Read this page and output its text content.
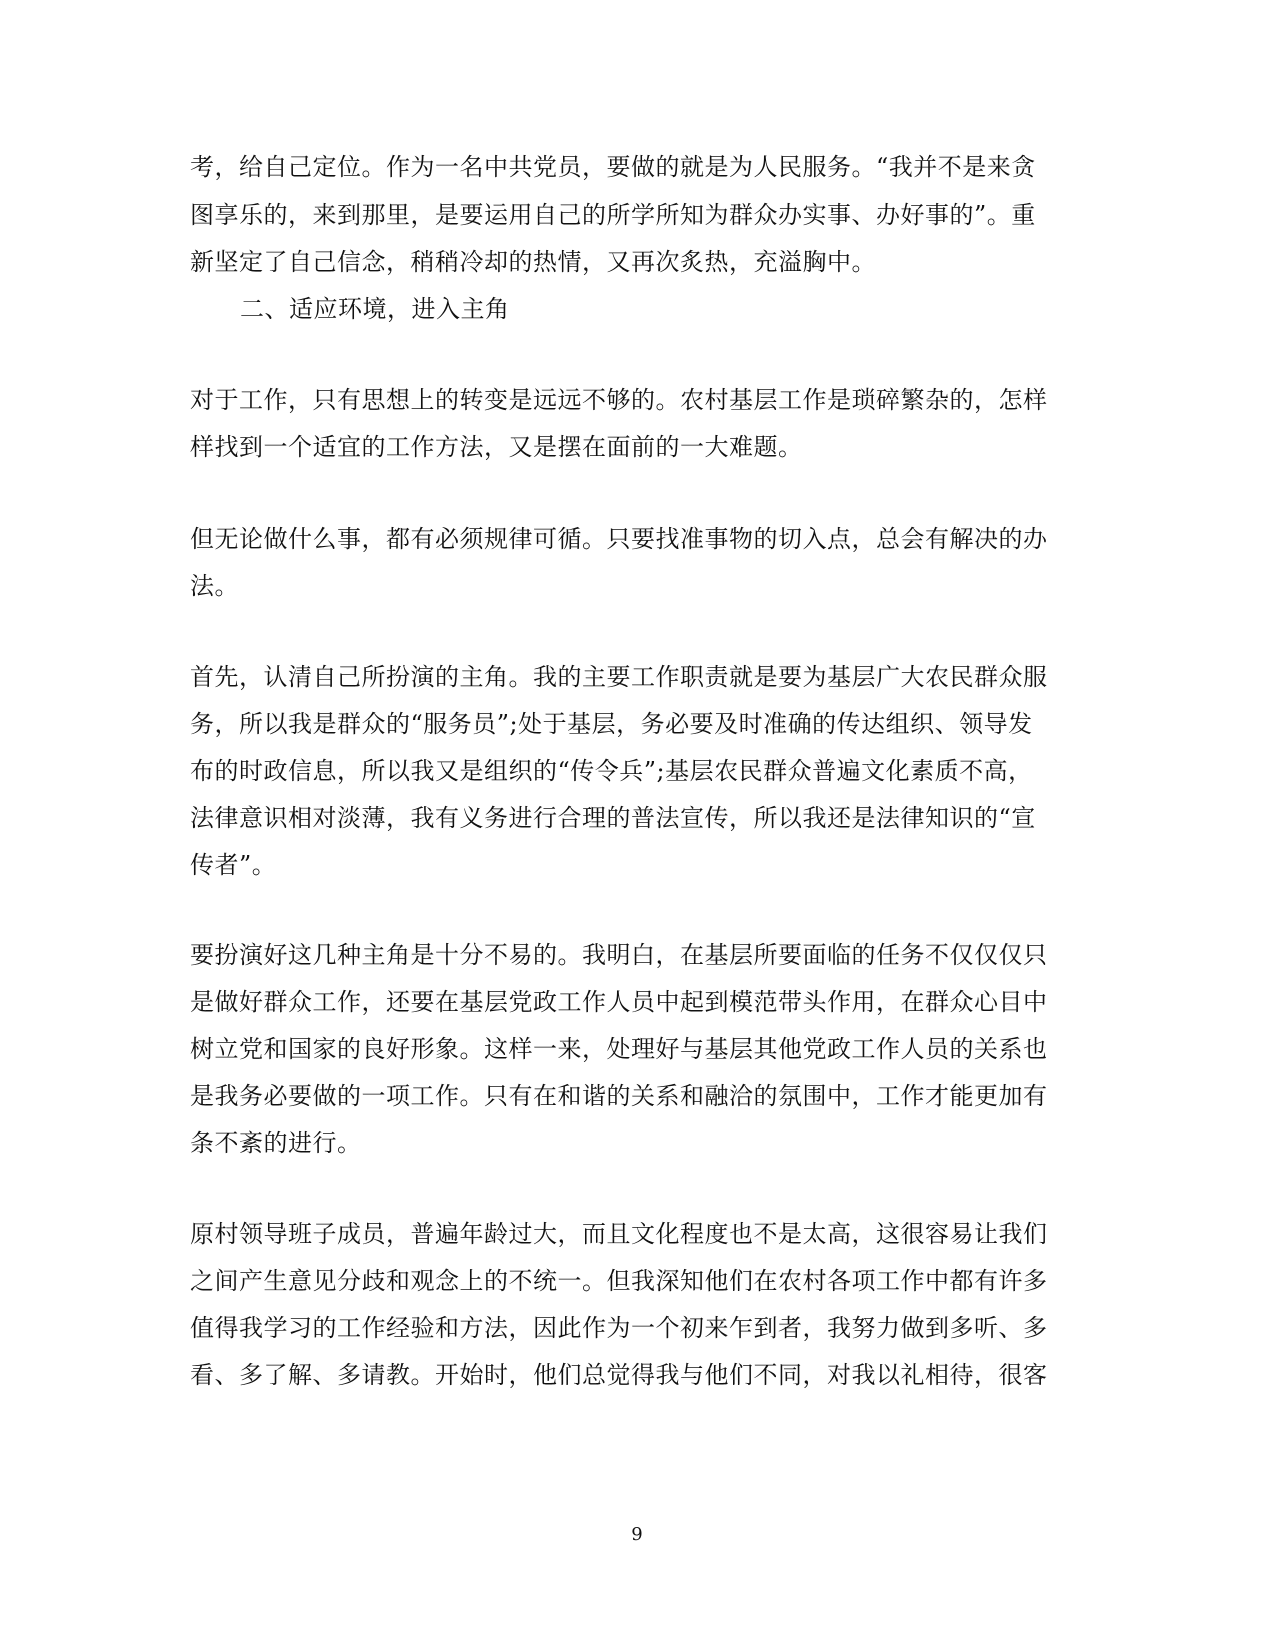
考，给自己定位。作为一名中共党员，要做的就是为人民服务。“我并不是来贪
图享乐的，来到那里，是要运用自己的所学所知为群众办实事、办好事的”。重
新坚定了自己信念，稍稍冷却的热情，又再次炙热，充溢胸中。
二、适应环境，进入主角
对于工作，只有思想上的转变是远远不够的。农村基层工作是琐碎繁杂的，怎样
样找到一个适宜的工作方法，又是摆在面前的一大难题。
但无论做什么事，都有必须规律可循。只要找准事物的切入点，总会有解决的办
法。
首先，认清自己所扮演的主角。我的主要工作职责就是要为基层广大农民群众服
务，所以我是群众的“服务员”;处于基层，务必要及时准确的传达组织、领导发
布的时政信息，所以我又是组织的“传令兵”;基层农民群众普遍文化素质不高，
法律意识相对淡薄，我有义务进行合理的普法宣传，所以我还是法律知识的“宣
传者”。
要扮演好这几种主角是十分不易的。我明白，在基层所要面临的任务不仅仅仅只
是做好群众工作，还要在基层党政工作人员中起到模范带头作用，在群众心目中
树立党和国家的良好形象。这样一来，处理好与基层其他党政工作人员的关系也
是我务必要做的一项工作。只有在和谐的关系和融洽的氛围中，工作才能更加有
条不紊的进行。
原村领导班子成员，普遍年龄过大，而且文化程度也不是太高，这很容易让我们
之间产生意见分歧和观念上的不统一。但我深知他们在农村各项工作中都有许多
值得我学习的工作经验和方法，因此作为一个初来乍到者，我努力做到多听、多
看、多了解、多请教。开始时，他们总觉得我与他们不同，对我以礼相待，很客
9
